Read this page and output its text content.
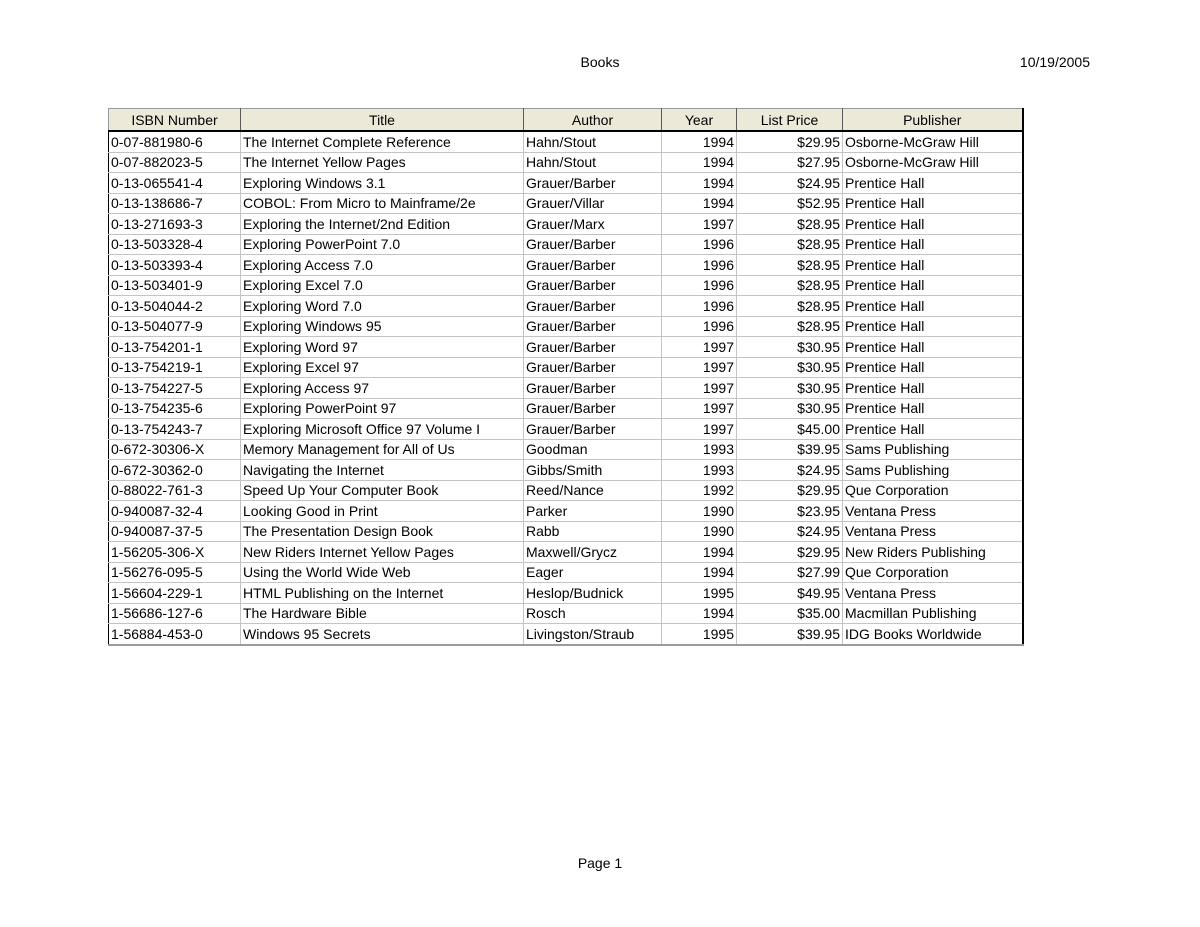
Books	10/19/2005
ISBN Number	Title	Author	Year	List Price	Publisher
0-07-881980-6	The Internet Complete Reference	Hahn/Stout	1994	$29.95	Osborne-McGraw Hill
0-07-882023-5	The Internet Yellow Pages	Hahn/Stout	1994	$27.95	Osborne-McGraw Hill
0-13-065541-4	Exploring Windows 3.1	Grauer/Barber	1994	$24.95	Prentice Hall
0-13-138686-7	COBOL: From Micro to Mainframe/2e	Grauer/Villar	1994	$52.95	Prentice Hall
0-13-271693-3	Exploring the Internet/2nd Edition	Grauer/Marx	1997	$28.95	Prentice Hall
0-13-503328-4	Exploring PowerPoint 7.0	Grauer/Barber	1996	$28.95	Prentice Hall
0-13-503393-4	Exploring Access 7.0	Grauer/Barber	1996	$28.95	Prentice Hall
0-13-503401-9	Exploring Excel 7.0	Grauer/Barber	1996	$28.95	Prentice Hall
0-13-504044-2	Exploring Word 7.0	Grauer/Barber	1996	$28.95	Prentice Hall
0-13-504077-9	Exploring Windows 95	Grauer/Barber	1996	$28.95	Prentice Hall
0-13-754201-1	Exploring Word 97	Grauer/Barber	1997	$30.95	Prentice Hall
0-13-754219-1	Exploring Excel 97	Grauer/Barber	1997	$30.95	Prentice Hall
0-13-754227-5	Exploring Access 97	Grauer/Barber	1997	$30.95	Prentice Hall
0-13-754235-6	Exploring PowerPoint 97	Grauer/Barber	1997	$30.95	Prentice Hall
0-13-754243-7	Exploring Microsoft Office 97 Volume I	Grauer/Barber	1997	$45.00	Prentice Hall
0-672-30306-X	Memory Management for All of Us	Goodman	1993	$39.95	Sams Publishing
0-672-30362-0	Navigating the Internet	Gibbs/Smith	1993	$24.95	Sams Publishing
0-88022-761-3	Speed Up Your Computer Book	Reed/Nance	1992	$29.95	Que Corporation
0-940087-32-4	Looking Good in Print	Parker	1990	$23.95	Ventana Press
0-940087-37-5	The Presentation Design Book	Rabb	1990	$24.95	Ventana Press
1-56205-306-X	New Riders Internet Yellow Pages	Maxwell/Grycz	1994	$29.95	New Riders Publishing
1-56276-095-5	Using the World Wide Web	Eager	1994	$27.99	Que Corporation
1-56604-229-1	HTML Publishing on the Internet	Heslop/Budnick	1995	$49.95	Ventana Press
1-56686-127-6	The Hardware Bible	Rosch	1994	$35.00	Macmillan Publishing
1-56884-453-0	Windows 95 Secrets	Livingston/Straub	1995	$39.95	IDG Books Worldwide
Page 1
